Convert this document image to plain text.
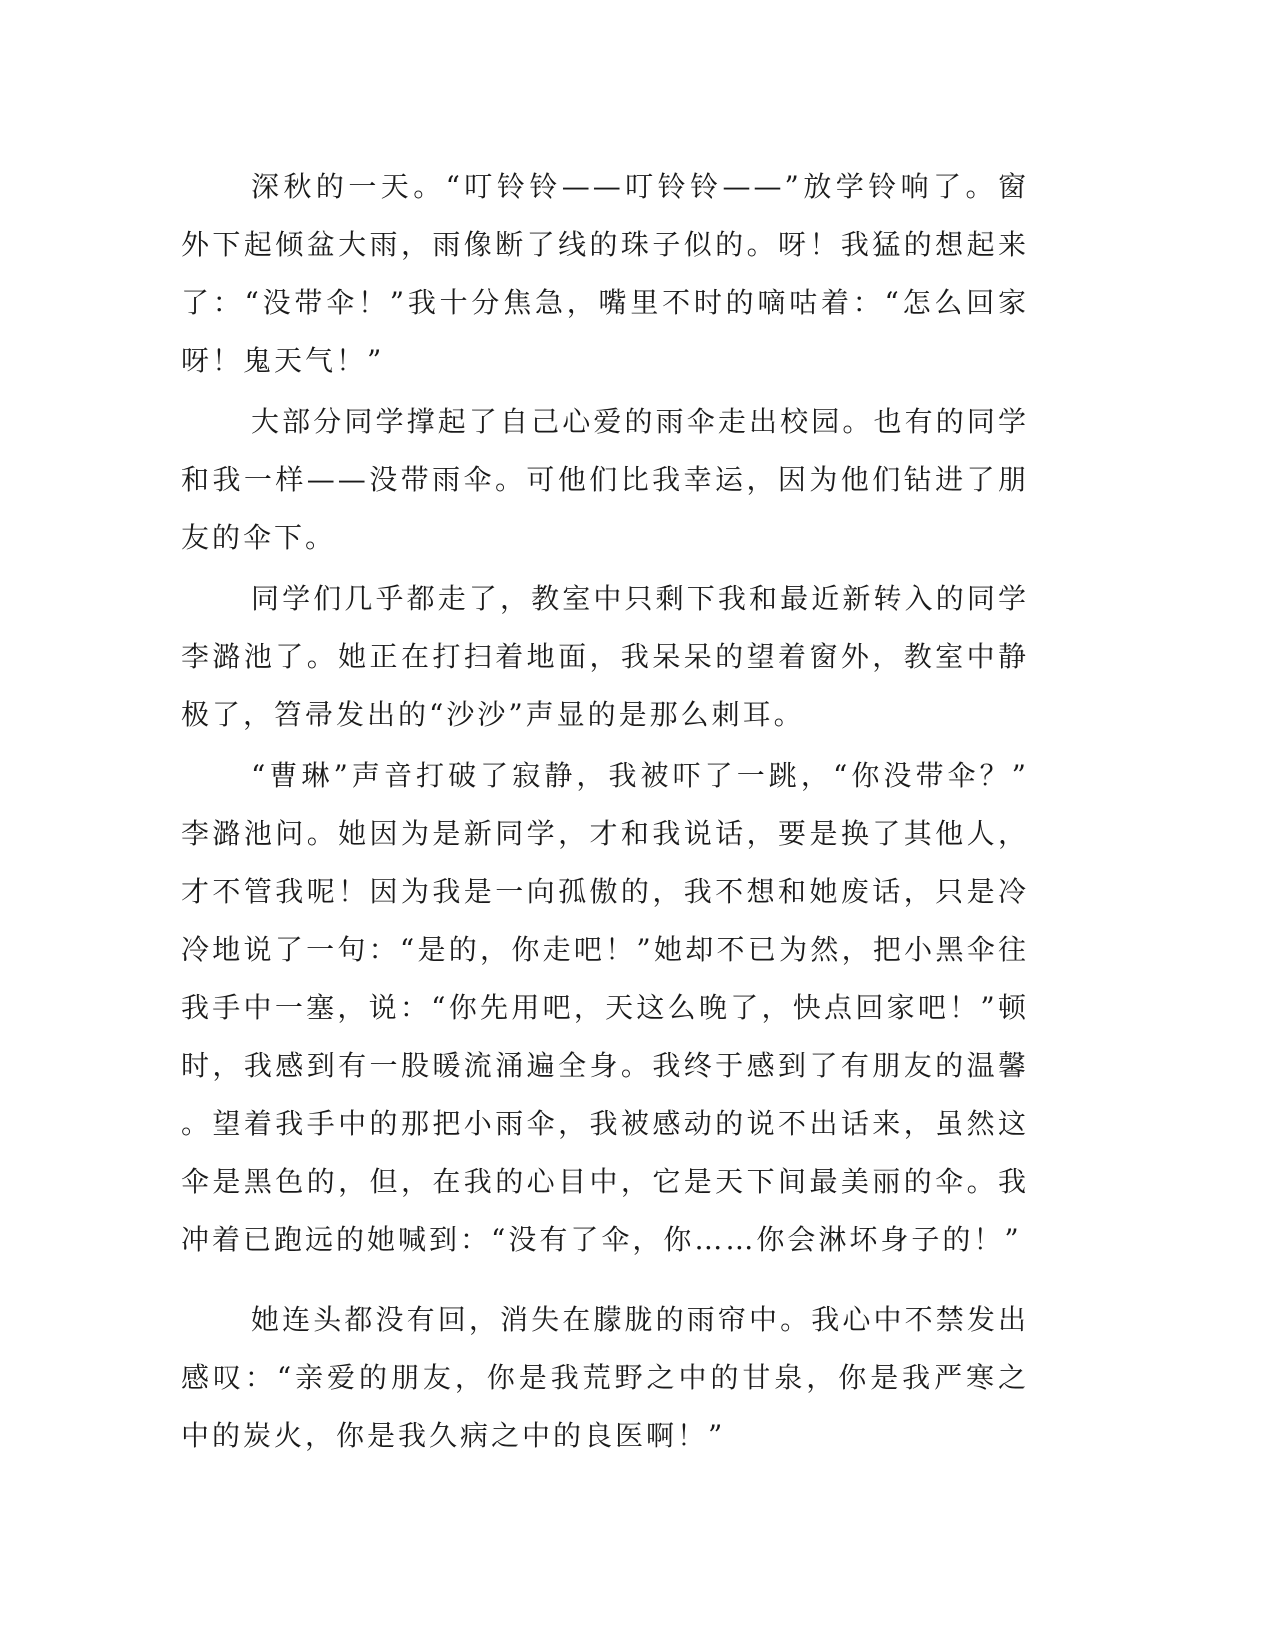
深秋的一天。“叮铃铃——叮铃铃——”放学铃响了。窗外下起倾盆大雨，雨像断了线的珠子似的。呀！我猛的想起来了：“没带伞！”我十分焦急，嘴里不时的嘀咕着：“怎么回家呀！鬼天气！”

大部分同学撑起了自己心爱的雨伞走出校园。也有的同学和我一样——没带雨伞。可他们比我幸运，因为他们钻进了朋友的伞下。

同学们几乎都走了，教室中只剩下我和最近新转入的同学李潞池了。她正在打扫着地面，我呆呆的望着窗外，教室中静极了，笤帚发出的“沙沙”声显的是那么刺耳。

“曹琳”声音打破了寂静，我被吓了一跳，“你没带伞？”李潞池问。她因为是新同学，才和我说话，要是换了其他人，才不管我呢！因为我是一向孤傲的，我不想和她废话，只是冷冷地说了一句：“是的，你走吧！”她却不已为然，把小黑伞往我手中一塞，说：“你先用吧，天这么晚了，快点回家吧！”顿时，我感到有一股暖流涌遍全身。我终于感到了有朋友的温馨。望着我手中的那把小雨伞，我被感动的说不出话来，虽然这伞是黑色的，但，在我的心目中，它是天下间最美丽的伞。我冲着已跑远的她喊到：“没有了伞，你……你会淋坏身子的！”

她连头都没有回，消失在朦胧的雨帘中。我心中不禁发出感叹：“亲爱的朋友，你是我荒野之中的甘泉，你是我严寒之中的炭火，你是我久病之中的良医啊！”
